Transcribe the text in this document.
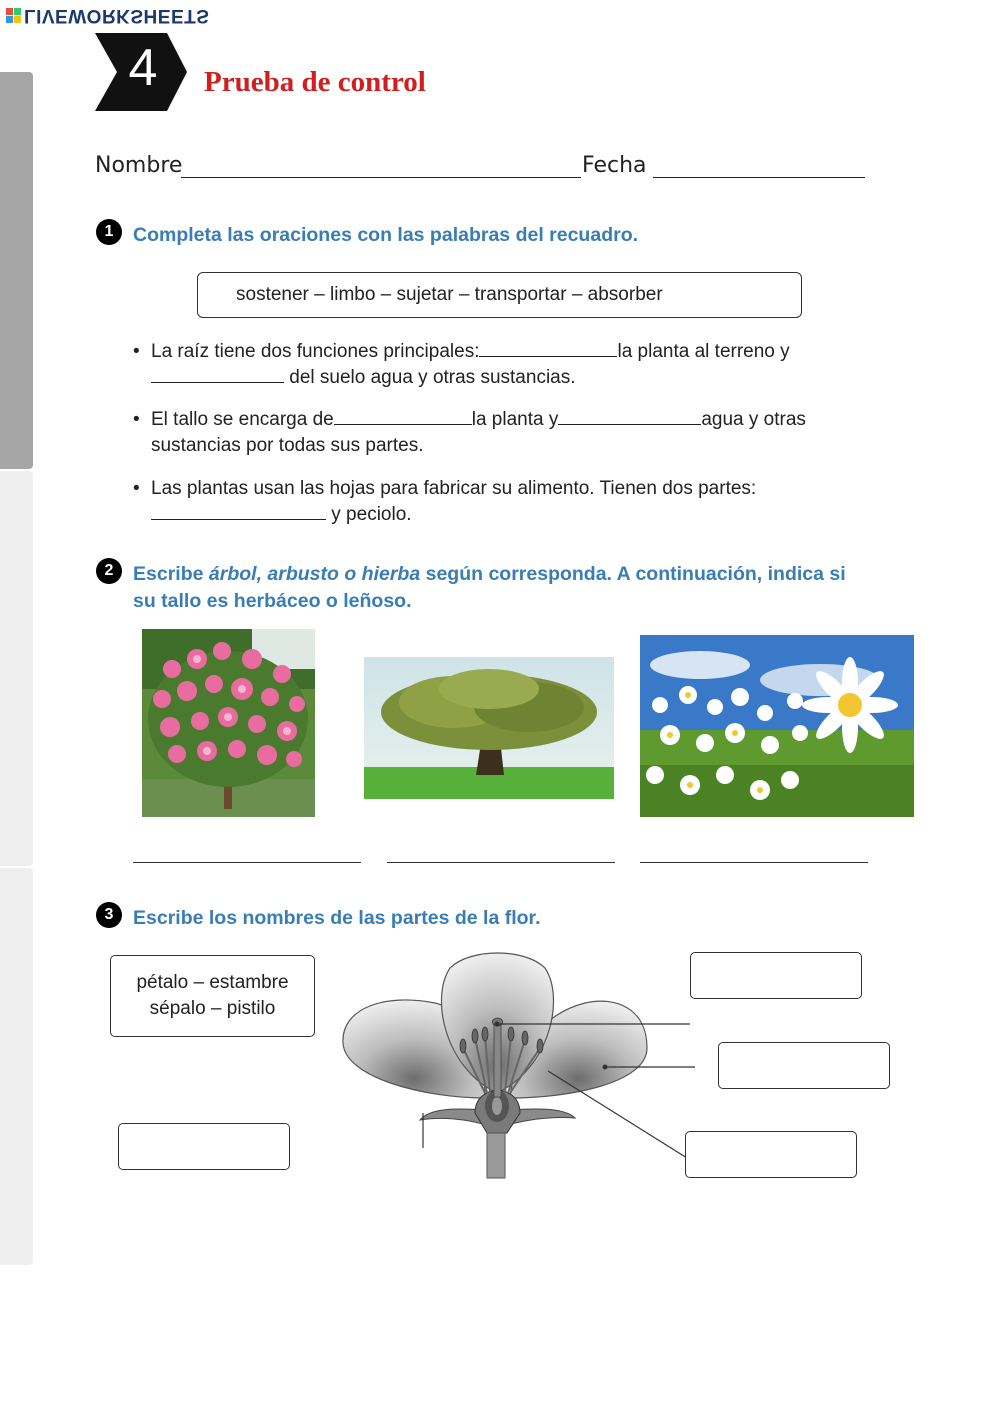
LIVEWORKSHEETS
4 Prueba de control
Nombre	Fecha
1	Completa las oraciones con las palabras del recuadro.
sostener – limbo – sujetar – transportar – absorber
• La raíz tiene dos funciones principales:	la planta al terreno y
del suelo agua y otras sustancias.
• El tallo se encarga de	la planta y	agua y otras
sustancias por todas sus partes.
• Las plantas usan las hojas para fabricar su alimento. Tienen dos partes:
y peciolo.
2	Escribe árbol, arbusto o hierba según corresponda. A continuación, indica si
su tallo es herbáceo o leñoso.
3	Escribe los nombres de las partes de la flor.
pétalo – estambre
sépalo – pistilo
